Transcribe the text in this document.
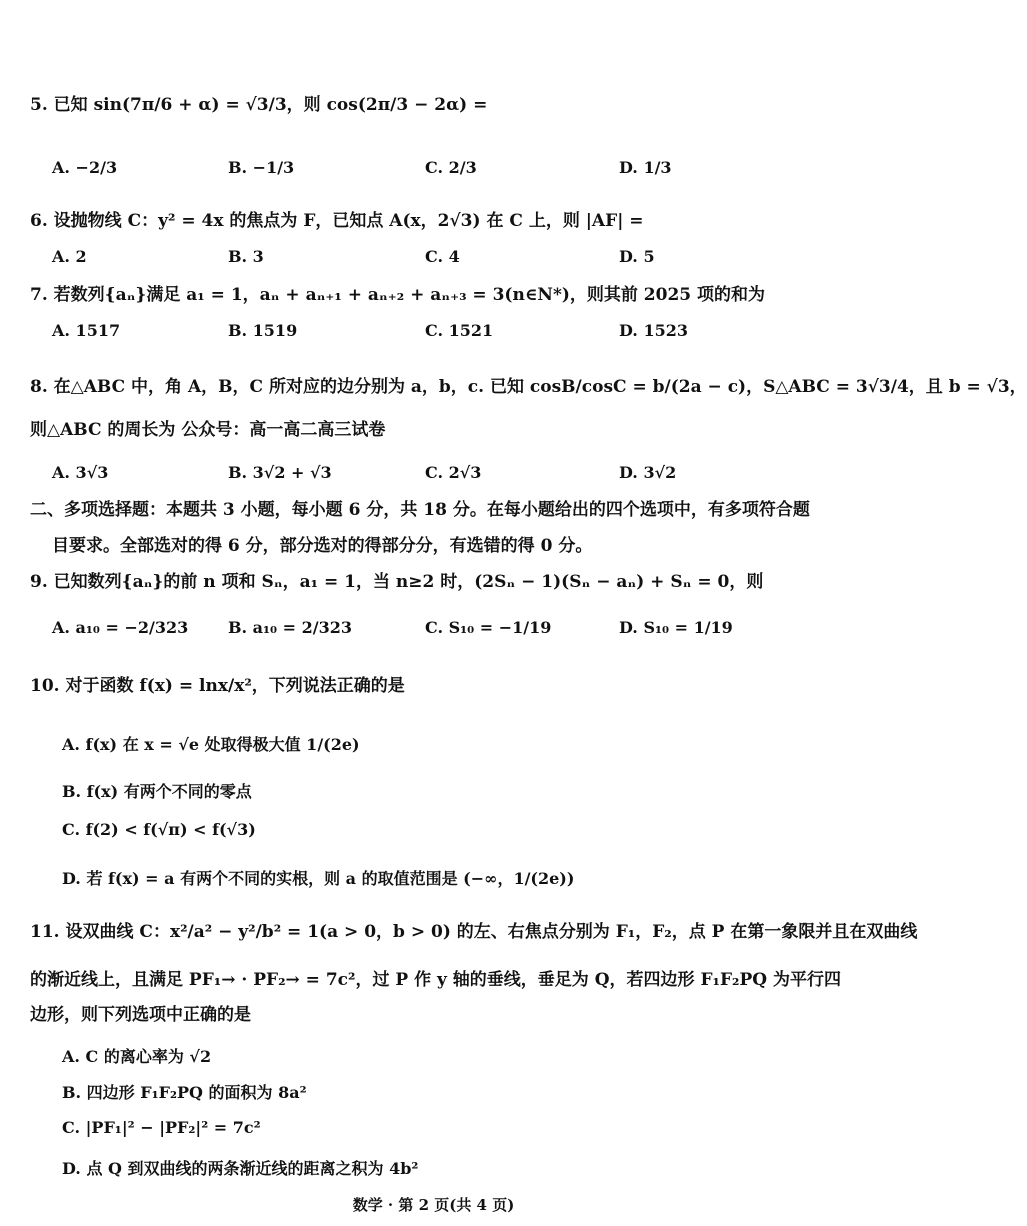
5. 已知 sin(7π/6 + α) = √3/3，则 cos(2π/3 − 2α) =
A. −2/3	B. −1/3	C. 2/3	D. 1/3
6. 设抛物线 C：y² = 4x 的焦点为 F，已知点 A(x，2√3) 在 C 上，则 |AF| =
A. 2	B. 3	C. 4	D. 5
7. 若数列{aₙ}满足 a₁ = 1，aₙ + aₙ₊₁ + aₙ₊₂ + aₙ₊₃ = 3(n∈N*)，则其前 2025 项的和为
A. 1517	B. 1519	C. 1521	D. 1523
8. 在△ABC 中，角 A，B，C 所对应的边分别为 a，b，c. 已知 cosB/cosC = b/(2a − c)，S△ABC = 3√3/4，且 b = √3，
则△ABC 的周长为 公众号：高一高二高三试卷
A. 3√3	B. 3√2 + √3	C. 2√3	D. 3√2
二、多项选择题：本题共 3 小题，每小题 6 分，共 18 分。在每小题给出的四个选项中，有多项符合题
目要求。全部选对的得 6 分，部分选对的得部分分，有选错的得 0 分。
9. 已知数列{aₙ}的前 n 项和 Sₙ，a₁ = 1，当 n≥2 时，(2Sₙ − 1)(Sₙ − aₙ) + Sₙ = 0，则
A. a₁₀ = −2/323 B. a₁₀ = 2/323	C. S₁₀ = −1/19	D. S₁₀ = 1/19
10. 对于函数 f(x) = lnx/x²，下列说法正确的是
A. f(x) 在 x = √e 处取得极大值 1/(2e)
B. f(x) 有两个不同的零点
C. f(2) < f(√π) < f(√3)
D. 若 f(x) = a 有两个不同的实根，则 a 的取值范围是 (−∞，1/(2e))
11. 设双曲线 C：x²/a² − y²/b² = 1(a > 0，b > 0) 的左、右焦点分别为 F₁，F₂，点 P 在第一象限并且在双曲线
的渐近线上，且满足 PF₁→ · PF₂→ = 7c²，过 P 作 y 轴的垂线，垂足为 Q，若四边形 F₁F₂PQ 为平行四
边形，则下列选项中正确的是
A. C 的离心率为 √2
B. 四边形 F₁F₂PQ 的面积为 8a²
C. |PF₁|² − |PF₂|² = 7c²
D. 点 Q 到双曲线的两条渐近线的距离之积为 4b²
数学 · 第 2 页(共 4 页)
